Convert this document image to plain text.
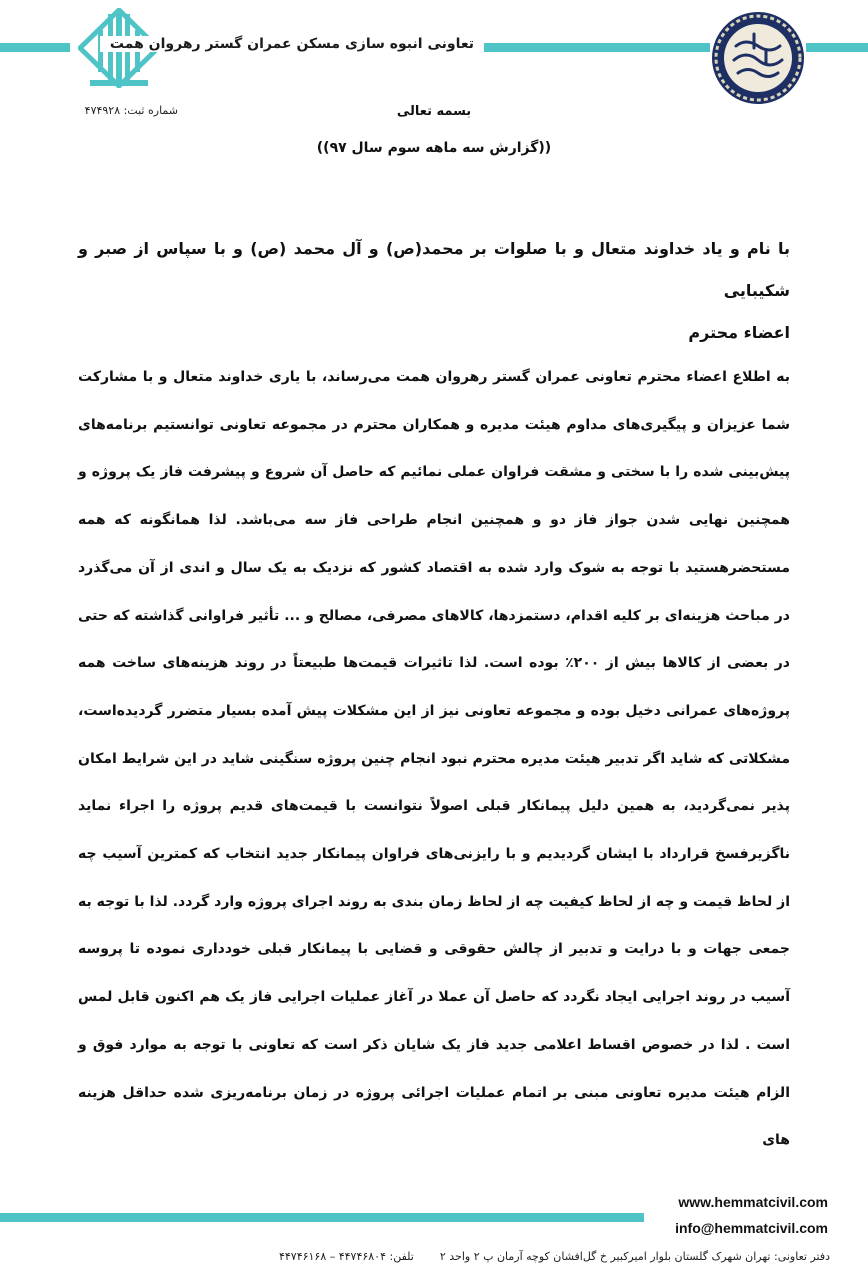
تعاونی انبوه سازی مسکن عمران گستر رهروان همت
شماره ثبت: ۴۷۴۹۲۸	بسمه تعالی
((گزارش سه ماهه سوم سال ۹۷))

با نام و یاد خداوند متعال و با صلوات بر محمد(ص) و آل محمد (ص) و با سپاس از صبر و شکیبایی

اعضاء محترم

به اطلاع اعضاء محترم تعاونی عمران گستر رهروان همت می‌رساند، با یاری خداوند متعال و با مشارکت شما عزیزان و پیگیری‌های مداوم هیئت مدیره و همکاران محترم در مجموعه تعاونی توانستیم برنامه‌های پیش‌بینی شده را با سختی و مشقت فراوان عملی نمائیم که حاصل آن شروع و پیشرفت فاز یک پروژه و همچنین نهایی شدن جواز فاز دو و همچنین انجام طراحی فاز سه می‌باشد. لذا همانگونه که همه مستحضرهستید با توجه به شوک وارد شده به اقتصاد کشور که نزدیک به یک سال و اندی از آن می‌گذرد در مباحث هزینه‌ای بر کلیه اقدام، دستمزدها، کالاهای مصرفی، مصالح و ... تأثیر فراوانی گذاشته که حتی در بعضی از کالاها بیش از ۲۰۰٪ بوده است. لذا تاثیرات قیمت‌ها طبیعتاً در روند هزینه‌های ساخت همه پروژه‌های عمرانی دخیل بوده و مجموعه تعاونی نیز از این مشکلات پیش آمده بسیار متضرر گردیده‌است، مشکلاتی که شاید اگر تدبیر هیئت مدیره محترم نبود انجام چنین پروژه سنگینی شاید در این شرایط امکان پذیر نمی‌گردید، به همین دلیل پیمانکار قبلی اصولاً نتوانست با قیمت‌های قدیم پروژه را اجراء نماید ناگزیرفسخ قرارداد با ایشان گردیدیم و با رایزنی‌های فراوان پیمانکار جدید انتخاب که کمترین آسیب چه از لحاظ قیمت و چه از لحاظ کیفیت چه از لحاظ زمان بندی به روند اجرای پروژه وارد گردد. لذا با توجه به جمعی جهات و با درایت و تدبیر از چالش حقوقی و قضایی با پیمانکار قبلی خودداری نموده تا پروسه آسیب در روند اجرایی ایجاد نگردد که حاصل آن عملا در آغاز عملیات اجرایی فاز یک هم اکنون قابل لمس است . لذا در خصوص اقساط اعلامی جدید فاز یک شایان ذکر است که تعاونی با توجه به موارد فوق و الزام هیئت مدیره تعاونی مبنی بر اتمام عملیات اجرائی پروژه در زمان برنامه‌ریزی شده حداقل هزینه های

www.hemmatcivil.com
info@hemmatcivil.com
دفتر تعاونی: تهران شهرک گلستان بلوار امیرکبیر خ گل‌افشان کوچه آرمان پ ۲ واحد ۲تلفن: ۴۴۷۴۶۸۰۴ – ۴۴۷۴۶۱۶۸
